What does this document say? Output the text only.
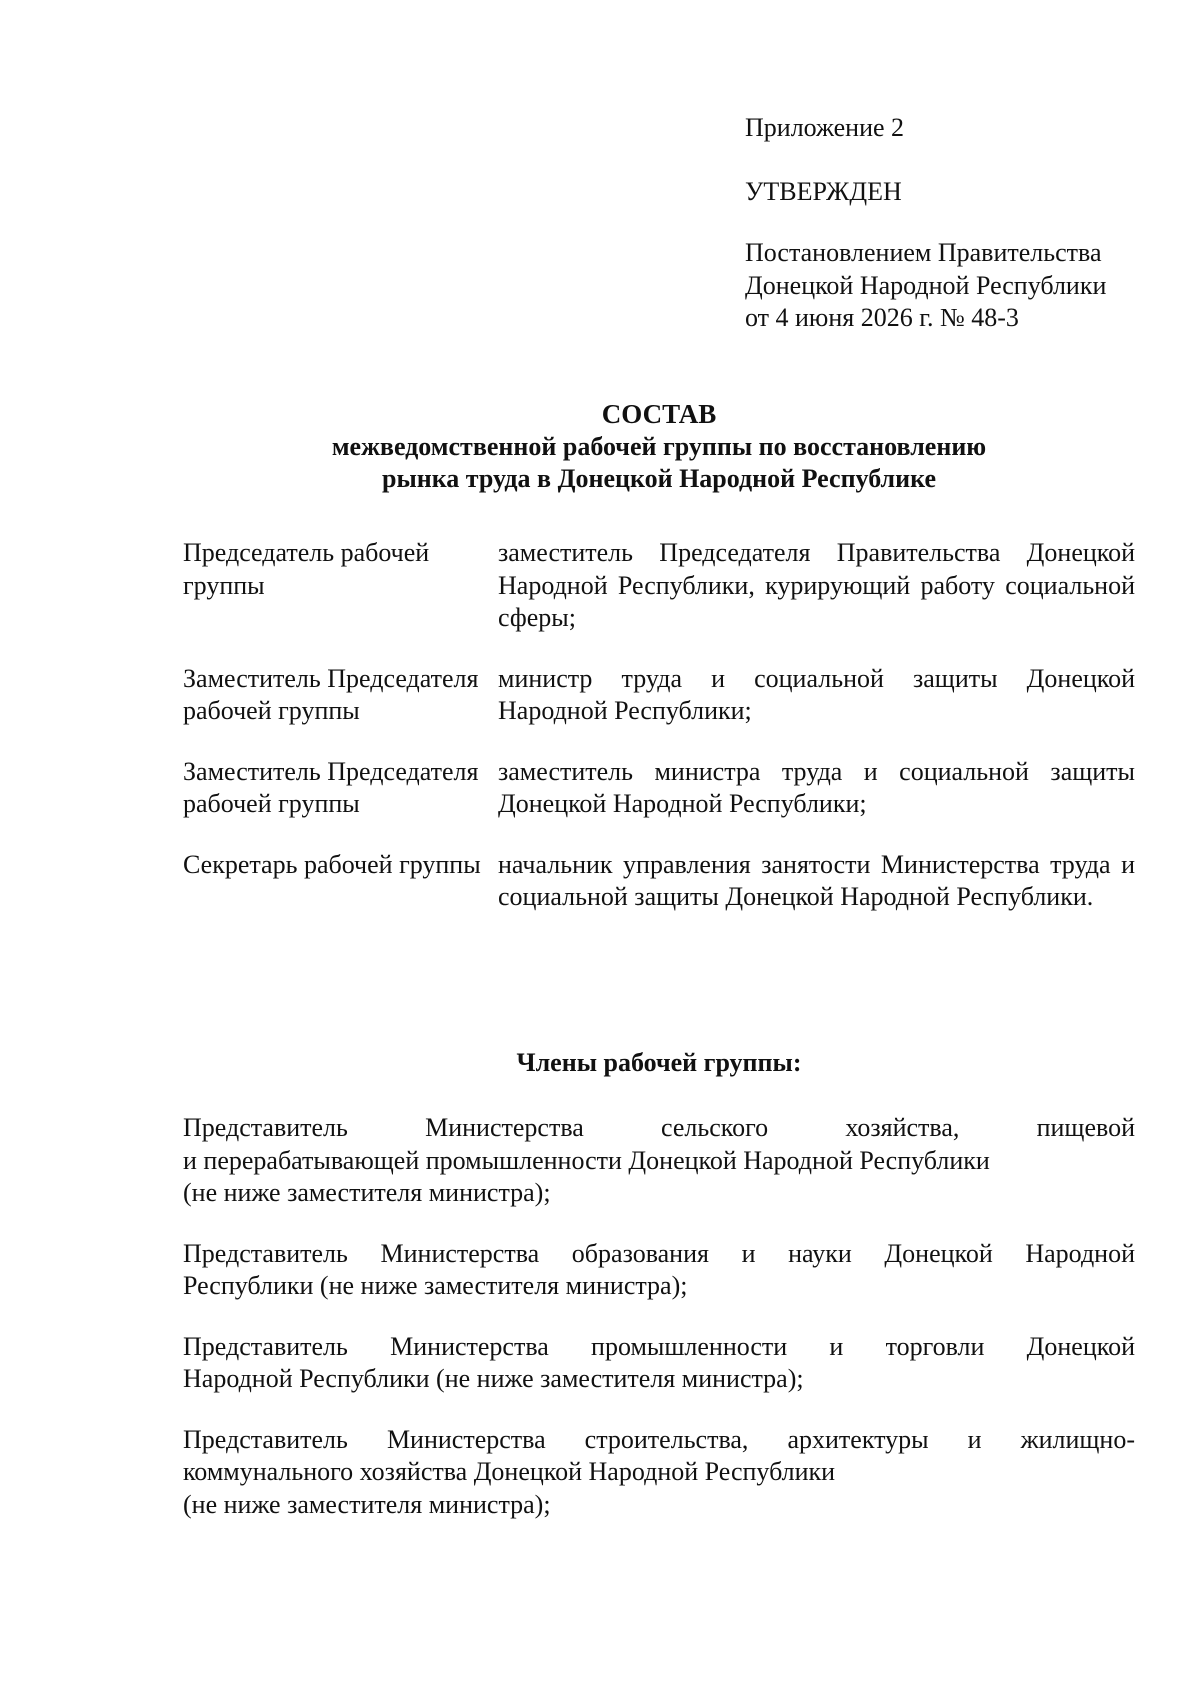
Приложение 2

УТВЕРЖДЕН

Постановлением Правительства
Донецкой Народной Республики
от 4 июня 2026 г. № 48-3

СОСТАВ
межведомственной рабочей группы по восстановлению
рынка труда в Донецкой Народной Республике
Председатель рабочей группы
заместитель Председателя Правительства Донецкой Народной Республики, курирующий работу социальной сферы;
Заместитель Председателя рабочей группы
министр труда и социальной защиты Донецкой Народной Республики;
Заместитель Председателя рабочей группы
заместитель министра труда и социальной защиты Донецкой Народной Республики;
Секретарь рабочей группы начальник управления занятости Министерства труда и социальной защиты Донецкой Народной Республики.
Члены рабочей группы:
Представитель Министерства сельского хозяйства, пищевой
и перерабатывающей промышленности Донецкой Народной Республики
(не ниже заместителя министра);
Представитель Министерства образования и науки Донецкой Народной
Республики (не ниже заместителя министра);
Представитель Министерства промышленности и торговли Донецкой
Народной Республики (не ниже заместителя министра);
Представитель Министерства строительства, архитектуры и жилищно-
коммунального хозяйства Донецкой Народной Республики
(не ниже заместителя министра);
